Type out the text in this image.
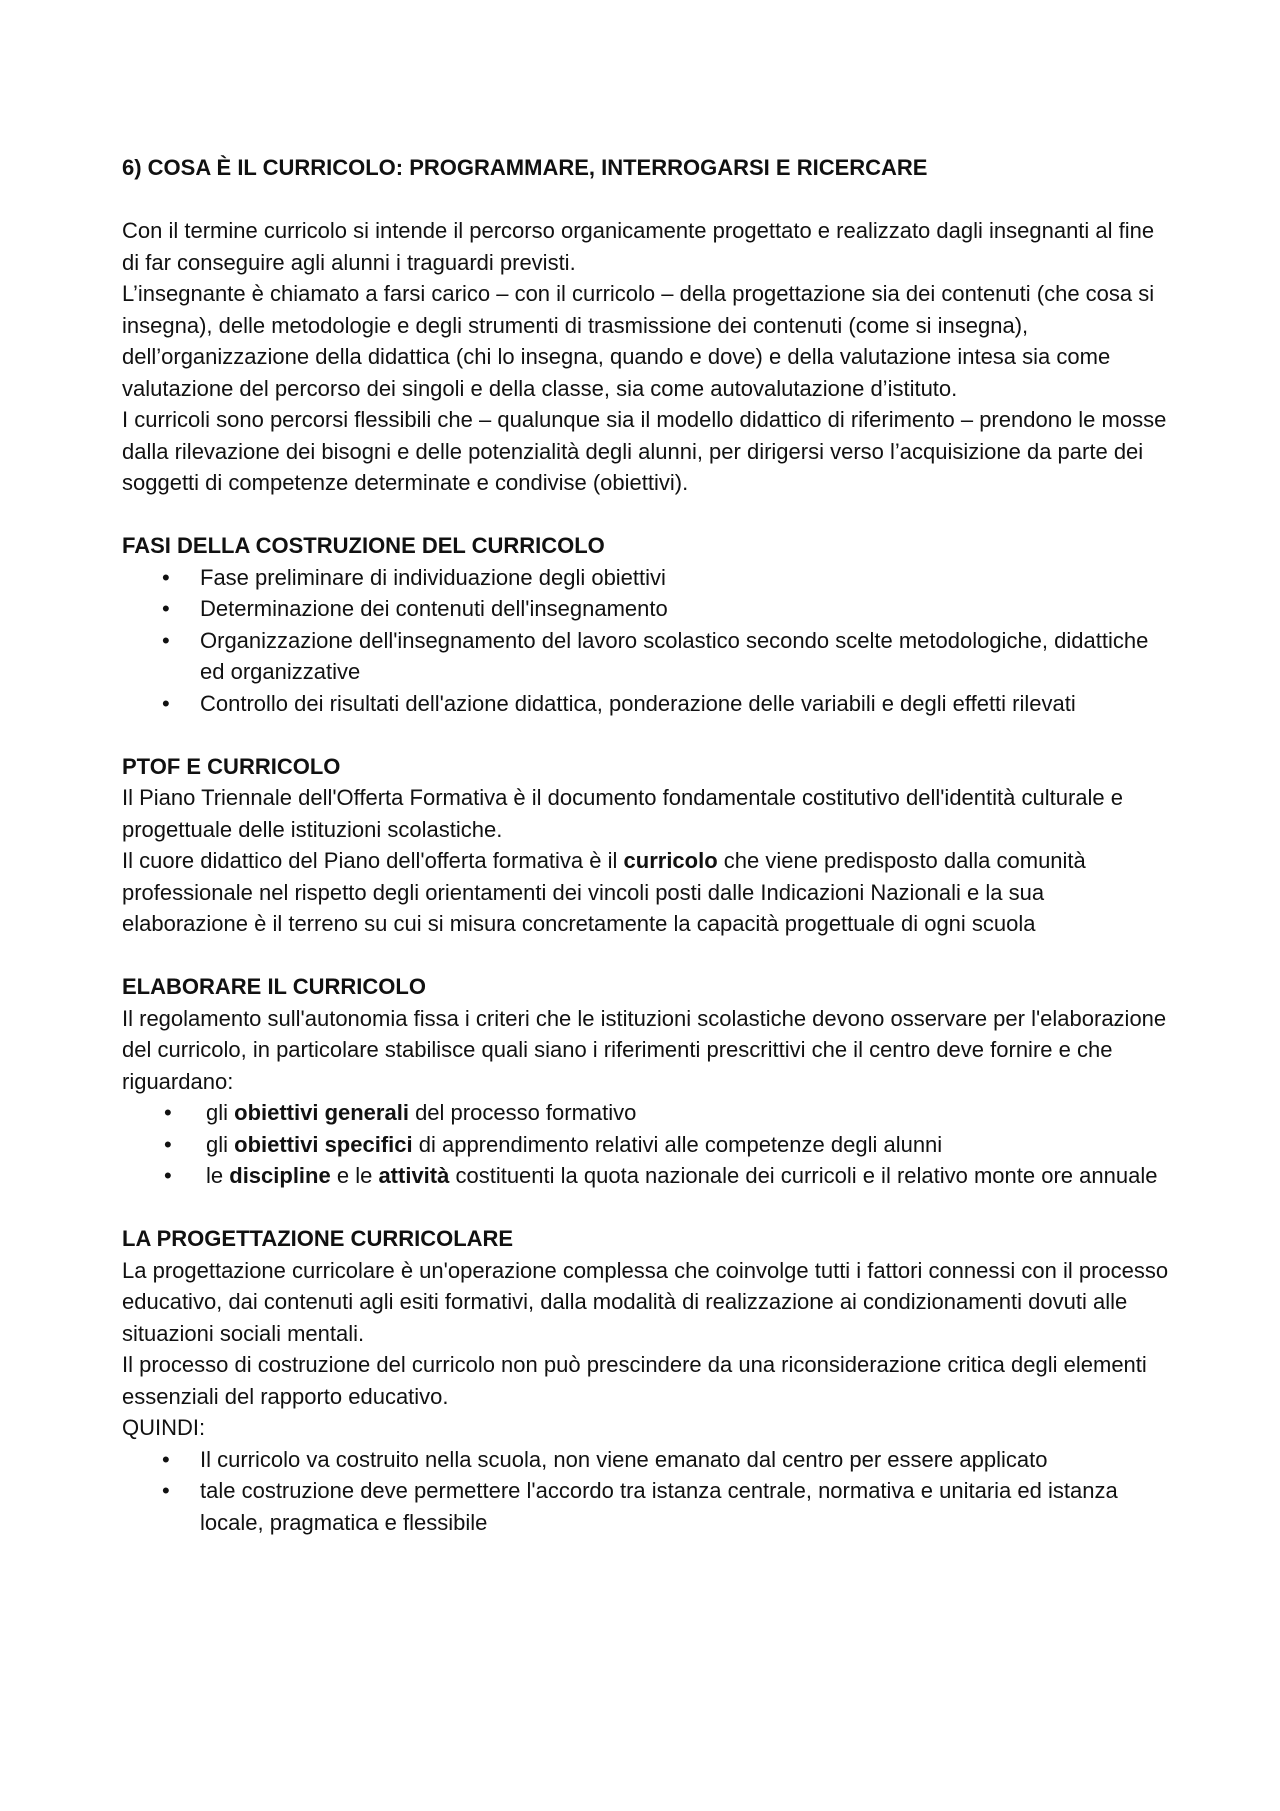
6) COSA È IL CURRICOLO: PROGRAMMARE, INTERROGARSI E RICERCARE

Con il termine curricolo si intende il percorso organicamente progettato e realizzato dagli insegnanti al fine di far conseguire agli alunni i traguardi previsti.

L’insegnante è chiamato a farsi carico – con il curricolo – della progettazione sia dei contenuti (che cosa si insegna), delle metodologie e degli strumenti di trasmissione dei contenuti (come si insegna), dell’organizzazione della didattica (chi lo insegna, quando e dove) e della valutazione intesa sia come valutazione del percorso dei singoli e della classe, sia come autovalutazione d’istituto.

I curricoli sono percorsi flessibili che – qualunque sia il modello didattico di riferimento – prendono le mosse dalla rilevazione dei bisogni e delle potenzialità degli alunni, per dirigersi verso l’acquisizione da parte dei soggetti di competenze determinate e condivise (obiettivi).

FASI DELLA COSTRUZIONE DEL CURRICOLO

• Fase preliminare di individuazione degli obiettivi
• Determinazione dei contenuti dell'insegnamento
• Organizzazione dell'insegnamento del lavoro scolastico secondo scelte metodologiche, didattiche ed organizzative
• Controllo dei risultati dell'azione didattica, ponderazione delle variabili e degli effetti rilevati

PTOF E CURRICOLO

Il Piano Triennale dell'Offerta Formativa è il documento fondamentale costitutivo dell'identità culturale e progettuale delle istituzioni scolastiche.

Il cuore didattico del Piano dell'offerta formativa è il curricolo che viene predisposto dalla comunità professionale nel rispetto degli orientamenti dei vincoli posti dalle Indicazioni Nazionali e la sua elaborazione è il terreno su cui si misura concretamente la capacità progettuale di ogni scuola

ELABORARE IL CURRICOLO

Il regolamento sull'autonomia fissa i criteri che le istituzioni scolastiche devono osservare per l'elaborazione del curricolo, in particolare stabilisce quali siano i riferimenti prescrittivi che il centro deve fornire e che riguardano:

• gli obiettivi generali del processo formativo
• gli obiettivi specifici di apprendimento relativi alle competenze degli alunni
• le discipline e le attività costituenti la quota nazionale dei curricoli e il relativo monte ore annuale

LA PROGETTAZIONE CURRICOLARE

La progettazione curricolare è un'operazione complessa che coinvolge tutti i fattori connessi con il processo educativo, dai contenuti agli esiti formativi, dalla modalità di realizzazione ai condizionamenti dovuti alle situazioni sociali mentali.

Il processo di costruzione del curricolo non può prescindere da una riconsiderazione critica degli elementi essenziali del rapporto educativo.

QUINDI:

• Il curricolo va costruito nella scuola, non viene emanato dal centro per essere applicato
• tale costruzione deve permettere l'accordo tra istanza centrale, normativa e unitaria ed istanza locale, pragmatica e flessibile
